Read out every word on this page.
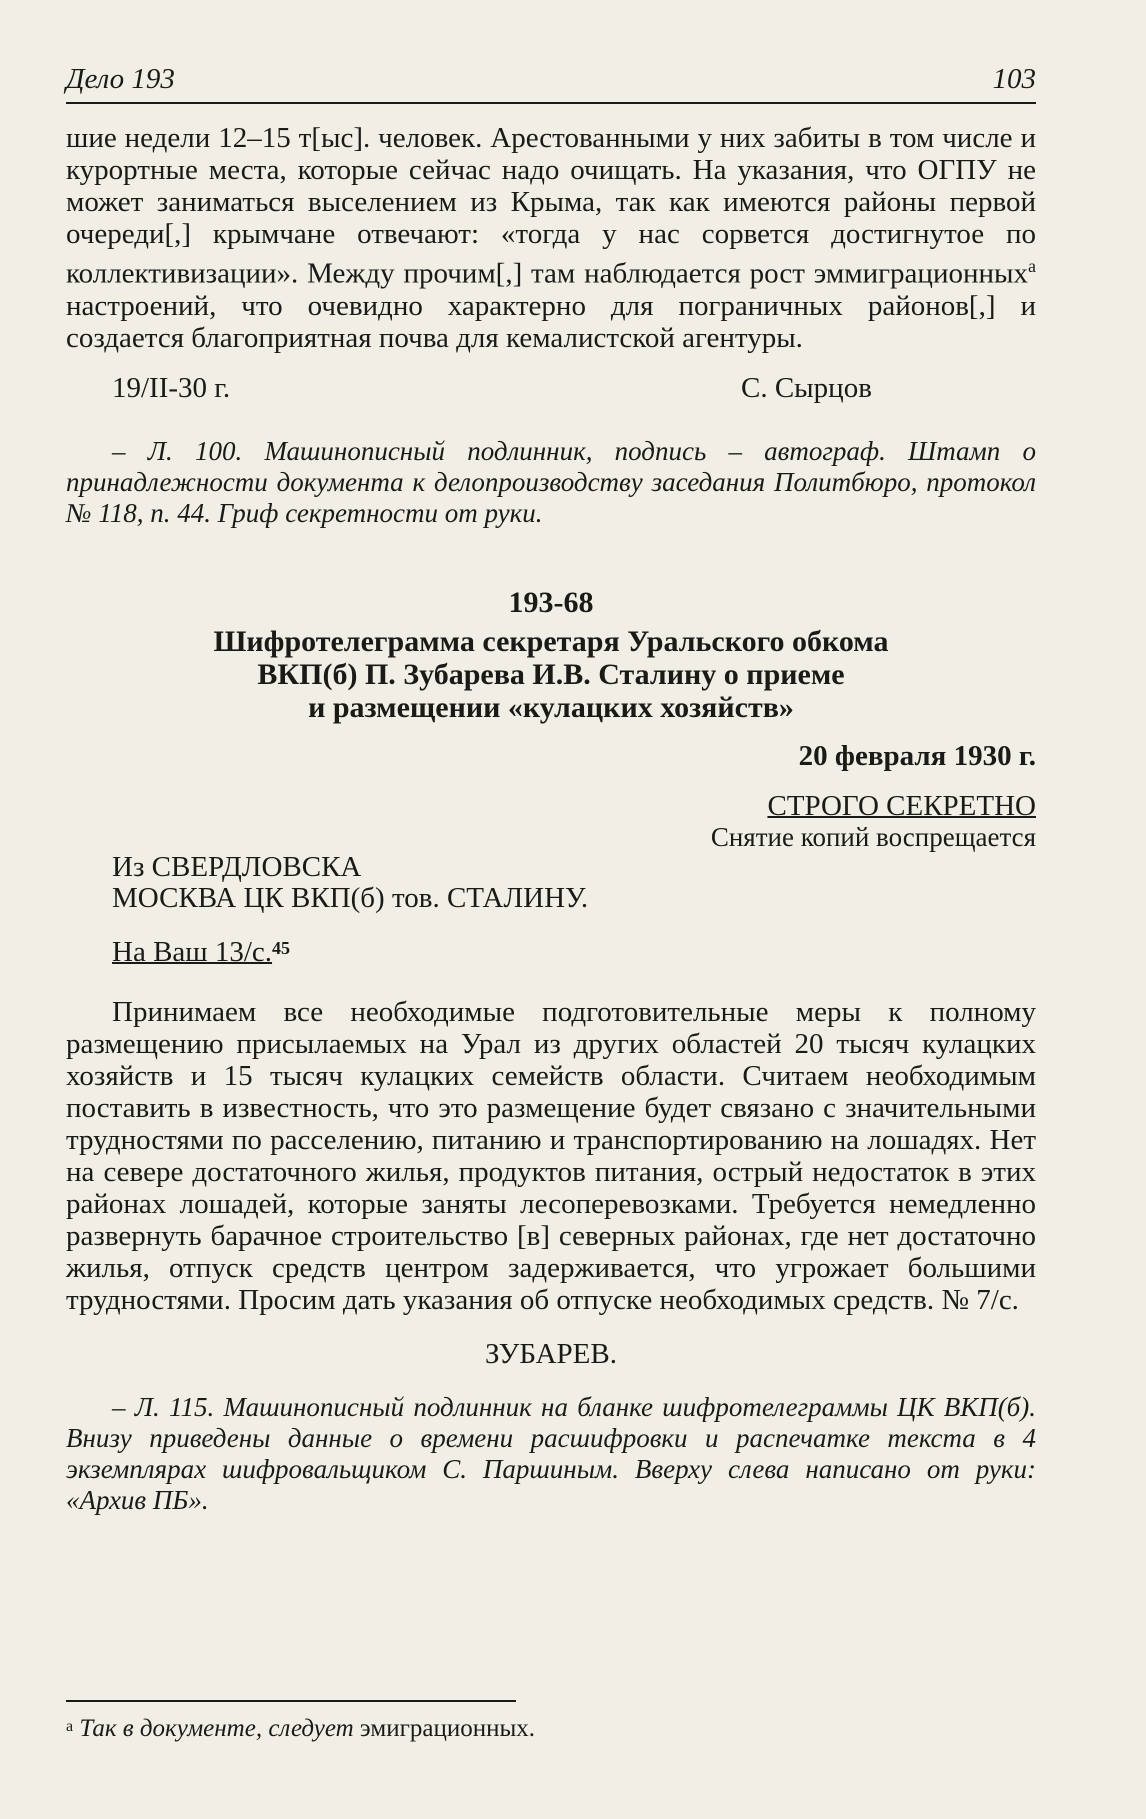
Дело 193	103

шие недели 12–15 т[ыс]. человек. Арестованными у них забиты в том числе и курортные места, которые сейчас надо очищать. На указания, что ОГПУ не может заниматься выселением из Крыма, так как имеются районы первой очереди[,] крымчане отвечают: «тогда у нас сорвется достигнутое по коллективизации». Между прочим[,] там наблюдается рост эммиграционных$^a$ настроений, что очевидно характерно для пограничных районов[,] и создается благоприятная почва для кемалистской агентуры.

19/II-30 г.	С. Сырцов

– Л. 100. Машинописный подлинник, подпись – автограф. Штамп о принадлежности документа к делопроизводству заседания Политбюро, протокол № 118, п. 44. Гриф секретности от руки.

193-68
Шифротелеграмма секретаря Уральского обкома
ВКП(б) П. Зубарева И.В. Сталину о приеме
и размещении «кулацких хозяйств»
20 февраля 1930 г.
СТРОГО СЕКРЕТНО
Снятие копий воспрещается
Из СВЕРДЛОВСКА
МОСКВА ЦК ВКП(б) тов. СТАЛИНУ.
На Ваш 13/с.$^{45}$

Принимаем все необходимые подготовительные меры к полному размещению присылаемых на Урал из других областей 20 тысяч кулацких хозяйств и 15 тысяч кулацких семейств области. Считаем необходимым поставить в известность, что это размещение будет связано с значительными трудностями по расселению, питанию и транспортированию на лошадях. Нет на севере достаточного жилья, продуктов питания, острый недостаток в этих районах лошадей, которые заняты лесоперевозками. Требуется немедленно развернуть барачное строительство [в] северных районах, где нет достаточно жилья, отпуск средств центром задерживается, что угрожает большими трудностями. Просим дать указания об отпуске необходимых средств. № 7/с.

ЗУБАРЕВ.

– Л. 115. Машинописный подлинник на бланке шифротелеграммы ЦК ВКП(б). Внизу приведены данные о времени расшифровки и распечатке текста в 4 экземплярах шифровальщиком С. Паршиным. Вверху слева написано от руки: «Архив ПБ».

$^а$ Так в документе, следует эмиграционных.
